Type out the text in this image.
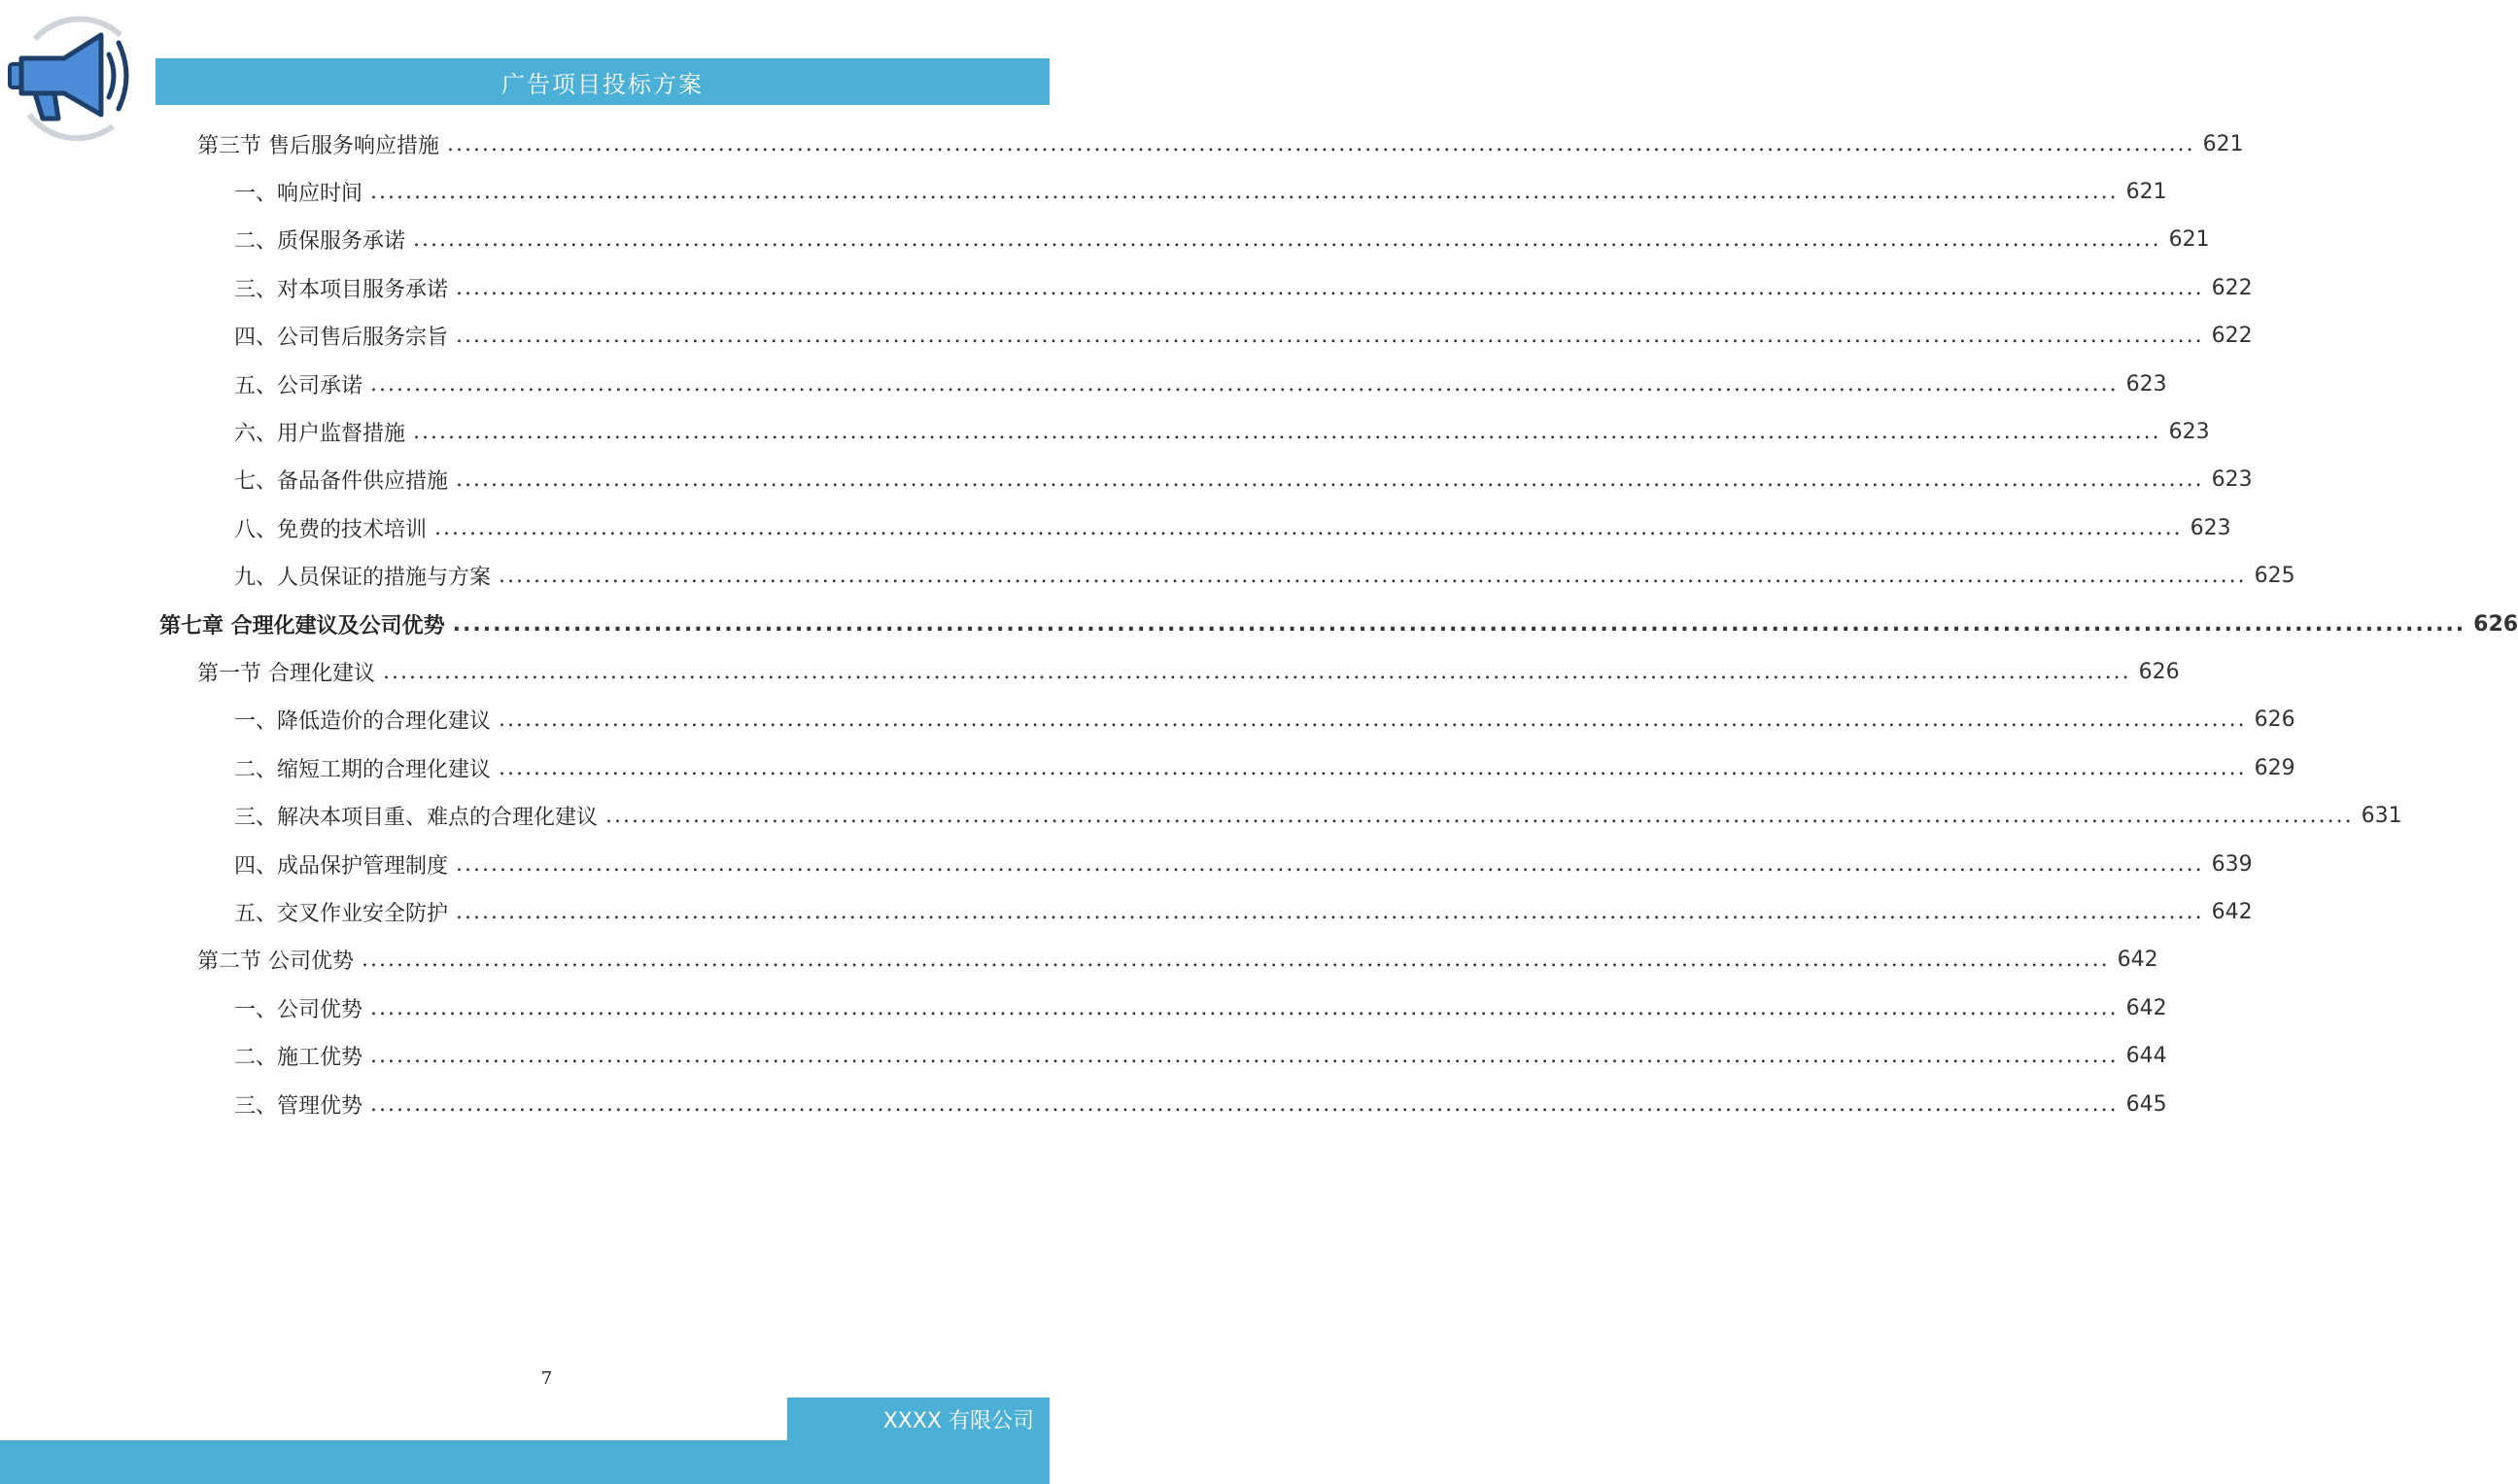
广告项目投标方案
第三节 售后服务响应措施 ........................................................................................................................................................................................................ 621
一、响应时间 ........................................................................................................................................................................................................ 621
二、质保服务承诺 ........................................................................................................................................................................................................ 621
三、对本项目服务承诺 ........................................................................................................................................................................................................ 622
四、公司售后服务宗旨 ........................................................................................................................................................................................................ 622
五、公司承诺 ........................................................................................................................................................................................................ 623
六、用户监督措施 ........................................................................................................................................................................................................ 623
七、备品备件供应措施 ........................................................................................................................................................................................................ 623
八、免费的技术培训 ........................................................................................................................................................................................................ 623
九、人员保证的措施与方案 ........................................................................................................................................................................................................ 625
第七章 合理化建议及公司优势 ........................................................................................................................................................................................................ 626
第一节 合理化建议 ........................................................................................................................................................................................................ 626
一、降低造价的合理化建议 ........................................................................................................................................................................................................ 626
二、缩短工期的合理化建议 ........................................................................................................................................................................................................ 629
三、解决本项目重、难点的合理化建议 ........................................................................................................................................................................................................ 631
四、成品保护管理制度 ........................................................................................................................................................................................................ 639
五、交叉作业安全防护 ........................................................................................................................................................................................................ 642
第二节 公司优势 ........................................................................................................................................................................................................ 642
一、公司优势 ........................................................................................................................................................................................................ 642
二、施工优势 ........................................................................................................................................................................................................ 644
三、管理优势 ........................................................................................................................................................................................................ 645
7
XXXX 有限公司
